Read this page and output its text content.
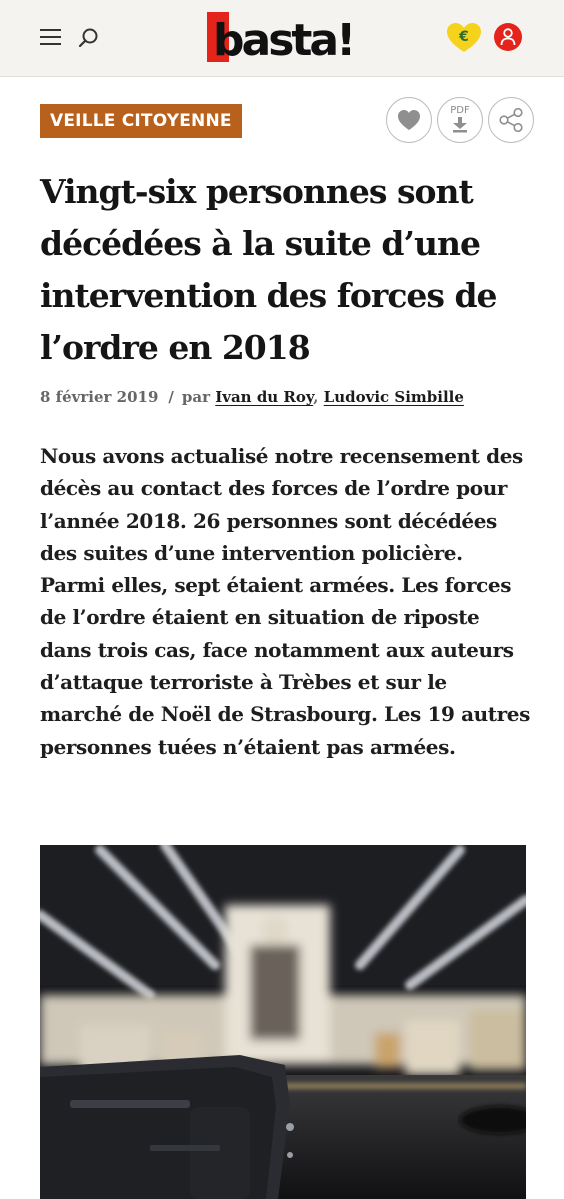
basta!	€
VEILLE CITOYENNE
PDF
Vingt-six personnes sont décédées à la suite d’une intervention des forces de l’ordre en 2018
8 février 2019 / par Ivan du Roy, Ludovic Simbille

Nous avons actualisé notre recensement des décès au contact des forces de l’ordre pour l’année 2018. 26 personnes sont décédées des suites d’une intervention policière. Parmi elles, sept étaient armées. Les forces de l’ordre étaient en situation de riposte dans trois cas, face notamment aux auteurs d’attaque terroriste à Trèbes et sur le marché de Noël de Strasbourg. Les 19 autres personnes tuées n’étaient pas armées.
